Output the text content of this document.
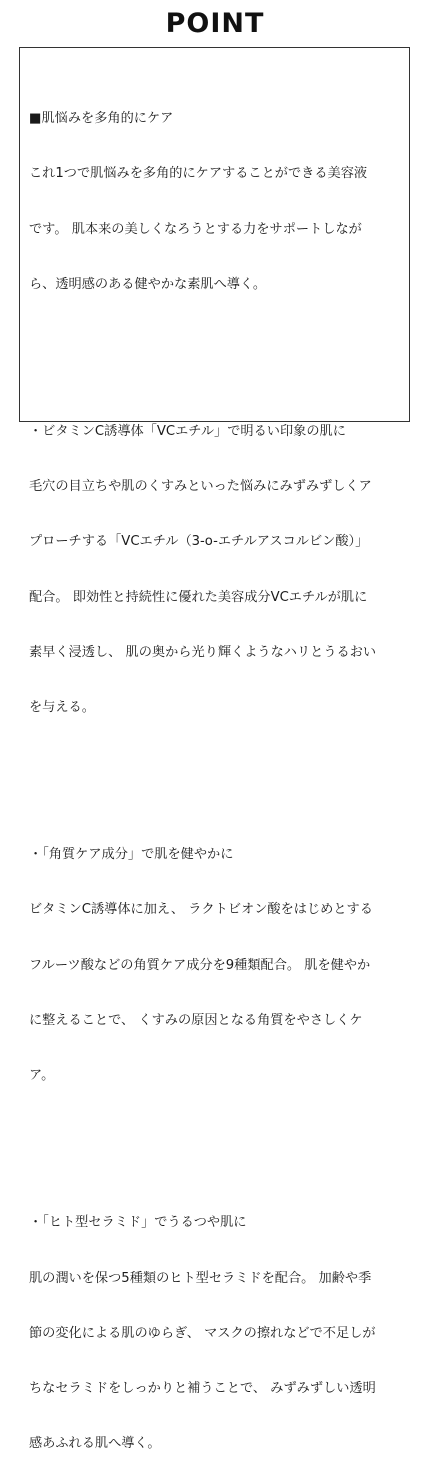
POINT

■肌悩みを多角的にケア

これ1つで肌悩みを多角的にケアすることができる美容液

です。 肌本来の美しくなろうとする力をサポートしなが

ら、透明感のある健やかな素肌へ導く。

・ビタミンC誘導体「VCエチル」で明るい印象の肌に

毛穴の目立ちや肌のくすみといった悩みにみずみずしくア

プローチする「VCエチル（3-o-エチルアスコルビン酸）」

配合。 即効性と持続性に優れた美容成分VCエチルが肌に

素早く浸透し、 肌の奥から光り輝くようなハリとうるおい

を与える。

・「角質ケア成分」で肌を健やかに

ビタミンC誘導体に加え、 ラクトビオン酸をはじめとする

フルーツ酸などの角質ケア成分を9種類配合。 肌を健やか

に整えることで、 くすみの原因となる角質をやさしくケ

ア。

・「ヒト型セラミド」でうるつや肌に

肌の潤いを保つ5種類のヒト型セラミドを配合。 加齢や季

節の変化による肌のゆらぎ、 マスクの擦れなどで不足しが

ちなセラミドをしっかりと補うことで、 みずみずしい透明

感あふれる肌へ導く。
